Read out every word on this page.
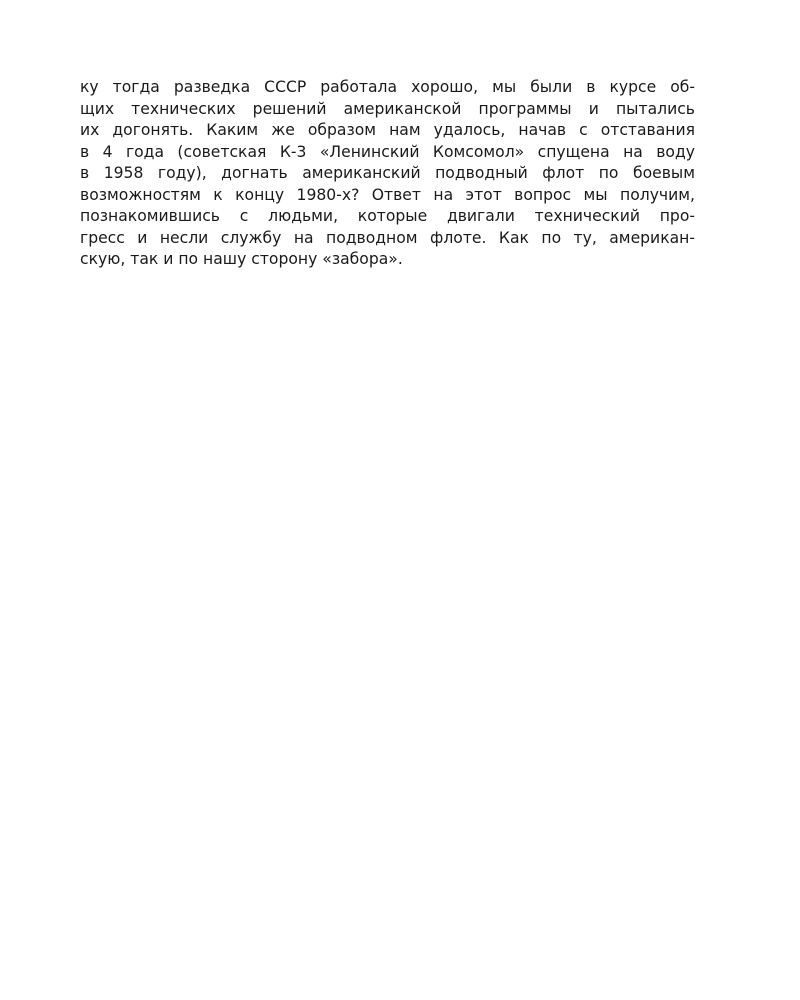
ку тогда разведка СССР работала хорошо, мы были в курсе об-
щих технических решений американской программы и пытались
их догонять. Каким же образом нам удалось, начав с отставания
в 4 года (советская К-3 «Ленинский Комсомол» спущена на воду
в 1958 году), догнать американский подводный флот по боевым
возможностям к концу 1980-х? Ответ на этот вопрос мы получим,
познакомившись с людьми, которые двигали технический про-
гресс и несли службу на подводном флоте. Как по ту, американ-
скую, так и по нашу сторону «забора».
